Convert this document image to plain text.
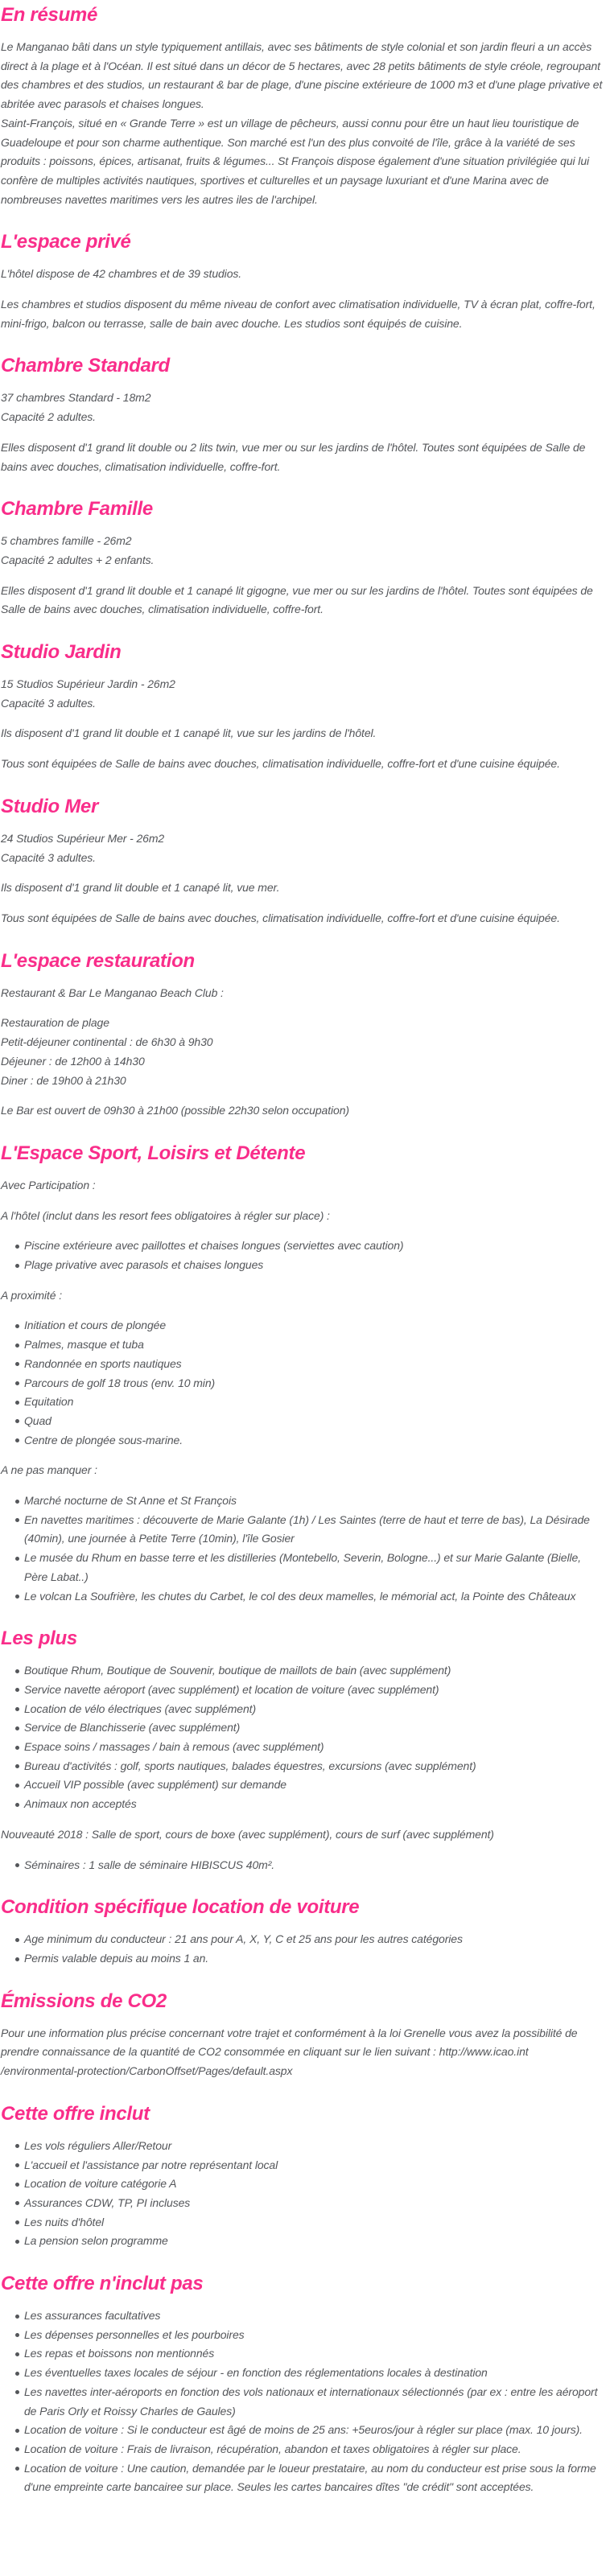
En résumé

Le Manganao bâti dans un style typiquement antillais, avec ses bâtiments de style colonial et son jardin fleuri a un accès direct à la plage et à l'Océan. Il est situé dans un décor de 5 hectares, avec 28 petits bâtiments de style créole, regroupant des chambres et des studios, un restaurant & bar de plage, d'une piscine extérieure de 1000 m3 et d'une plage privative et abritée avec parasols et chaises longues.
Saint-François, situé en « Grande Terre » est un village de pêcheurs, aussi connu pour être un haut lieu touristique de Guadeloupe et pour son charme authentique. Son marché est l'un des plus convoité de l'île, grâce à la variété de ses produits : poissons, épices, artisanat, fruits & légumes... St François dispose également d'une situation privilégiée qui lui confère de multiples activités nautiques, sportives et culturelles et un paysage luxuriant et d'une Marina avec de nombreuses navettes maritimes vers les autres iles de l'archipel.

L'espace privé

L'hôtel dispose de 42 chambres et de 39 studios.

Les chambres et studios disposent du même niveau de confort avec climatisation individuelle, TV à écran plat, coffre-fort, mini-frigo, balcon ou terrasse, salle de bain avec douche. Les studios sont équipés de cuisine.

Chambre Standard

37 chambres Standard - 18m2
Capacité 2 adultes.

Elles disposent d'1 grand lit double ou 2 lits twin, vue mer ou sur les jardins de l'hôtel. Toutes sont équipées de Salle de bains avec douches, climatisation individuelle, coffre-fort.

Chambre Famille

5 chambres famille - 26m2
Capacité 2 adultes + 2 enfants.

Elles disposent d'1 grand lit double et 1 canapé lit gigogne, vue mer ou sur les jardins de l'hôtel. Toutes sont équipées de Salle de bains avec douches, climatisation individuelle, coffre-fort.

Studio Jardin

15 Studios Supérieur Jardin - 26m2
Capacité 3 adultes.

Ils disposent d'1 grand lit double et 1 canapé lit, vue sur les jardins de l'hôtel.

Tous sont équipées de Salle de bains avec douches, climatisation individuelle, coffre-fort et d'une cuisine équipée.

Studio Mer

24 Studios Supérieur Mer - 26m2
Capacité 3 adultes.

Ils disposent d'1 grand lit double et 1 canapé lit, vue mer.

Tous sont équipées de Salle de bains avec douches, climatisation individuelle, coffre-fort et d'une cuisine équipée.

L'espace restauration

Restaurant & Bar Le Manganao Beach Club :

Restauration de plage
Petit-déjeuner continental : de 6h30 à 9h30
Déjeuner : de 12h00 à 14h30
Diner : de 19h00 à 21h30

Le Bar est ouvert de 09h30 à 21h00 (possible 22h30 selon occupation)

L'Espace Sport, Loisirs et Détente

Avec Participation :

A l'hôtel (inclut dans les resort fees obligatoires à régler sur place) :

Piscine extérieure avec paillottes et chaises longues (serviettes avec caution)
Plage privative avec parasols et chaises longues

A proximité :

Initiation et cours de plongée
Palmes, masque et tuba
Randonnée en sports nautiques
Parcours de golf 18 trous (env. 10 min)
Equitation
Quad
Centre de plongée sous-marine.

A ne pas manquer :

Marché nocturne de St Anne et St François
En navettes maritimes : découverte de Marie Galante (1h) / Les Saintes (terre de haut et terre de bas), La Désirade (40min), une journée à Petite Terre (10min), l'île Gosier
Le musée du Rhum en basse terre et les distilleries (Montebello, Severin, Bologne...) et sur Marie Galante (Bielle, Père Labat..)
Le volcan La Soufrière, les chutes du Carbet, le col des deux mamelles, le mémorial act, la Pointe des Châteaux
Les plus
Boutique Rhum, Boutique de Souvenir, boutique de maillots de bain (avec supplément)
Service navette aéroport (avec supplément) et location de voiture (avec supplément)
Location de vélo électriques (avec supplément)
Service de Blanchisserie (avec supplément)
Espace soins / massages / bain à remous (avec supplément)
Bureau d'activités : golf, sports nautiques, balades équestres, excursions (avec supplément)
Accueil VIP possible (avec supplément) sur demande
Animaux non acceptés

Nouveauté 2018 : Salle de sport, cours de boxe (avec supplément), cours de surf (avec supplément)

Séminaires : 1 salle de séminaire HIBISCUS 40m².
Condition spécifique location de voiture
Age minimum du conducteur : 21 ans pour A, X, Y, C et 25 ans pour les autres catégories
Permis valable depuis au moins 1 an.
Émissions de CO2

Pour une information plus précise concernant votre trajet et conformément à la loi Grenelle vous avez la possibilité de prendre connaissance de la quantité de CO2 consommée en cliquant sur le lien suivant : http://www.icao.int
/environmental-protection/CarbonOffset/Pages/default.aspx

Cette offre inclut
Les vols réguliers Aller/Retour
L'accueil et l'assistance par notre représentant local
Location de voiture catégorie A
Assurances CDW, TP, PI incluses
Les nuits d'hôtel
La pension selon programme
Cette offre n'inclut pas
Les assurances facultatives
Les dépenses personnelles et les pourboires
Les repas et boissons non mentionnés
Les éventuelles taxes locales de séjour - en fonction des réglementations locales à destination
Les navettes inter-aéroports en fonction des vols nationaux et internationaux sélectionnés (par ex : entre les aéroport de Paris Orly et Roissy Charles de Gaules)
Location de voiture : Si le conducteur est âgé de moins de 25 ans: +5euros/jour à régler sur place (max. 10 jours).
Location de voiture : Frais de livraison, récupération, abandon et taxes obligatoires à régler sur place.
Location de voiture : Une caution, demandée par le loueur prestataire, au nom du conducteur est prise sous la forme d'une empreinte carte bancairee sur place. Seules les cartes bancaires dîtes "de crédit" sont acceptées.
